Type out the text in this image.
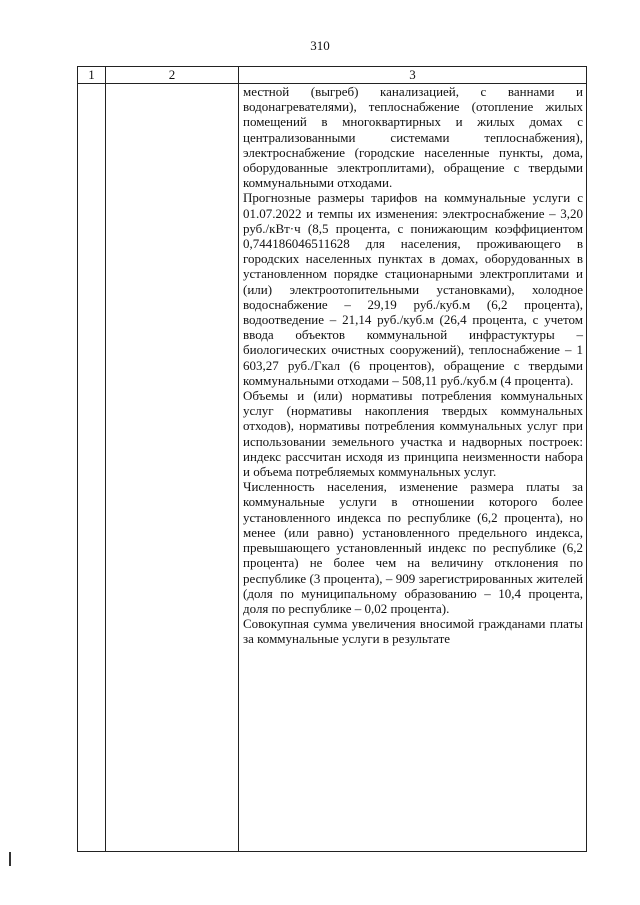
310
1	2	3

		местной (выгреб) канализацией, с ваннами и водонагревателями), теплоснабжение (отопление жилых помещений в многоквартирных и жилых домах с централизованными системами теплоснабжения), электроснабжение (городские населенные пункты, дома, оборудованные электроплитами), обращение с твердыми коммунальными отходами.

Прогнозные размеры тарифов на коммунальные услуги с 01.07.2022 и темпы их изменения: электроснабжение – 3,20 руб./кВт·ч (8,5 процента, с понижающим коэффициентом 0,744186046511628 для населения, проживающего в городских населенных пунктах в домах, оборудованных в установленном порядке стационарными электроплитами и (или) электроотопительными установками), холодное водоснабжение – 29,19 руб./куб.м (6,2 процента), водоотведение – 21,14 руб./куб.м (26,4 процента, с учетом ввода объектов коммунальной инфрастуктуры – биологических очистных сооружений), теплоснабжение – 1 603,27 руб./Гкал (6 процентов), обращение с твердыми коммунальными отходами – 508,11 руб./куб.м (4 процента).

Объемы и (или) нормативы потребления коммунальных услуг (нормативы накопления твердых коммунальных отходов), нормативы потребления коммунальных услуг при использовании земельного участка и надворных построек: индекс рассчитан исходя из принципа неизменности набора и объема потребляемых коммунальных услуг.

Численность населения, изменение размера платы за коммунальные услуги в отношении которого более установленного индекса по республике (6,2 процента), но менее (или равно) установленного предельного индекса, превышающего установленный индекс по республике (6,2 процента) не более чем на величину отклонения по республике (3 процента), – 909 зарегистрированных жителей (доля по муниципальному образованию – 10,4 процента, доля по республике – 0,02 процента).

Совокупная сумма увеличения вносимой гражданами платы за коммунальные услуги в результате
